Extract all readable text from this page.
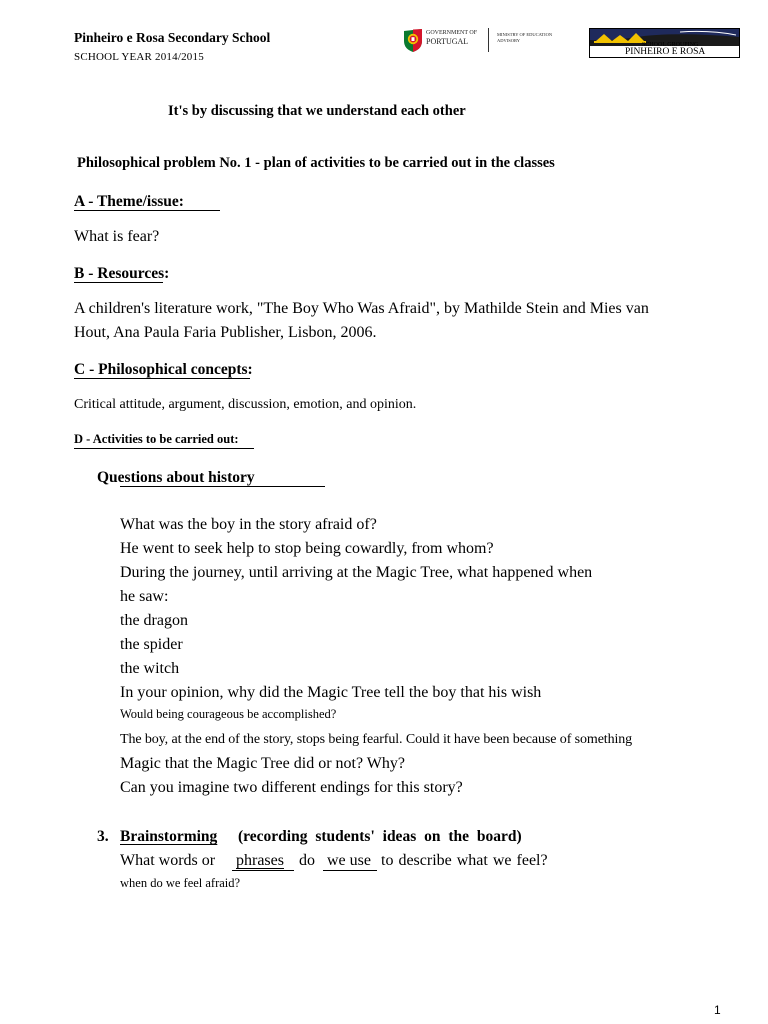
Pinheiro e Rosa Secondary School
SCHOOL YEAR 2014/2015
GOVERNMENT OF
PORTUGAL
MINISTRY OF EDUCATION
ADVISORY
SCHOOL GROUPING
PINHEIRO E ROSA
It's by discussing that we understand each other
Philosophical problem No. 1 - plan of activities to be carried out in the classes
A - Theme/issue:
What is fear?
B - Resources:
A children's literature work, "The Boy Who Was Afraid", by Mathilde Stein and Mies van
Hout, Ana Paula Faria Publisher, Lisbon, 2006.
C - Philosophical concepts:
Critical attitude, argument, discussion, emotion, and opinion.
D - Activities to be carried out:
Questions about history
What was the boy in the story afraid of?
He went to seek help to stop being cowardly, from whom?
During the journey, until arriving at the Magic Tree, what happened when
he saw:
the dragon
the spider
the witch
In your opinion, why did the Magic Tree tell the boy that his wish
Would being courageous be accomplished?
The boy, at the end of the story, stops being fearful. Could it have been because of something
Magic that the Magic Tree did or not? Why?
Can you imagine two different endings for this story?
3. Brainstorming (recording students' ideas on the board)
What words or phrases do we use to describe what we feel?
when do we feel afraid?
1
